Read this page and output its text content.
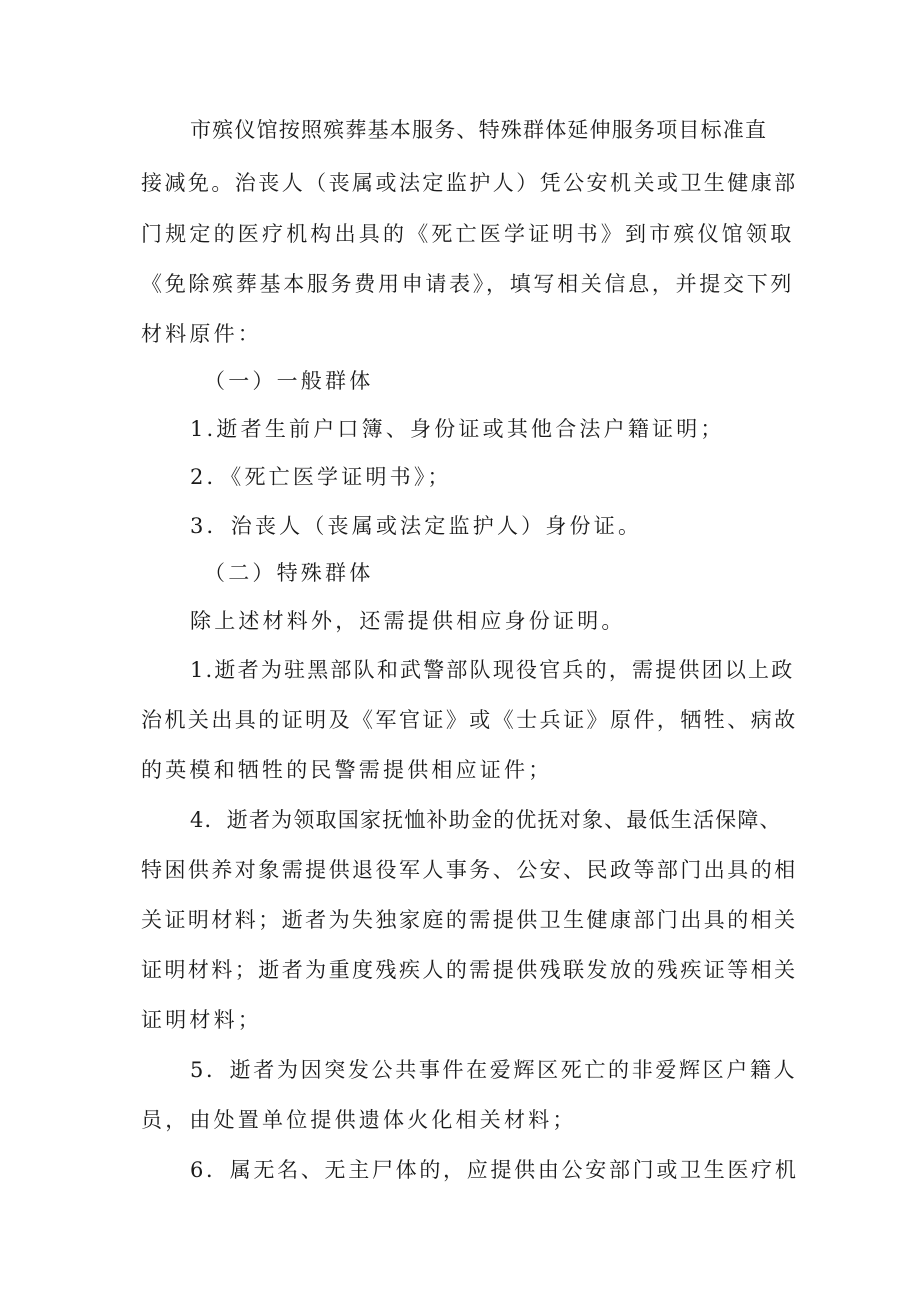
市殡仪馆按照殡葬基本服务、特殊群体延伸服务项目标准直

接减免。治丧人（丧属或法定监护人）凭公安机关或卫生健康部

门规定的医疗机构出具的《死亡医学证明书》到市殡仪馆领取

《免除殡葬基本服务费用申请表》，填写相关信息，并提交下列

材料原件：

（一）一般群体

1.逝者生前户口簿、身份证或其他合法户籍证明；

2．《死亡医学证明书》；

3．治丧人（丧属或法定监护人）身份证。

（二）特殊群体

除上述材料外，还需提供相应身份证明。

1.逝者为驻黑部队和武警部队现役官兵的，需提供团以上政

治机关出具的证明及《军官证》或《士兵证》原件，牺牲、病故

的英模和牺牲的民警需提供相应证件；

4．逝者为领取国家抚恤补助金的优抚对象、最低生活保障、

特困供养对象需提供退役军人事务、公安、民政等部门出具的相

关证明材料；逝者为失独家庭的需提供卫生健康部门出具的相关

证明材料；逝者为重度残疾人的需提供残联发放的残疾证等相关

证明材料；

5．逝者为因突发公共事件在爱辉区死亡的非爱辉区户籍人

员，由处置单位提供遗体火化相关材料；

6．属无名、无主尸体的，应提供由公安部门或卫生医疗机
